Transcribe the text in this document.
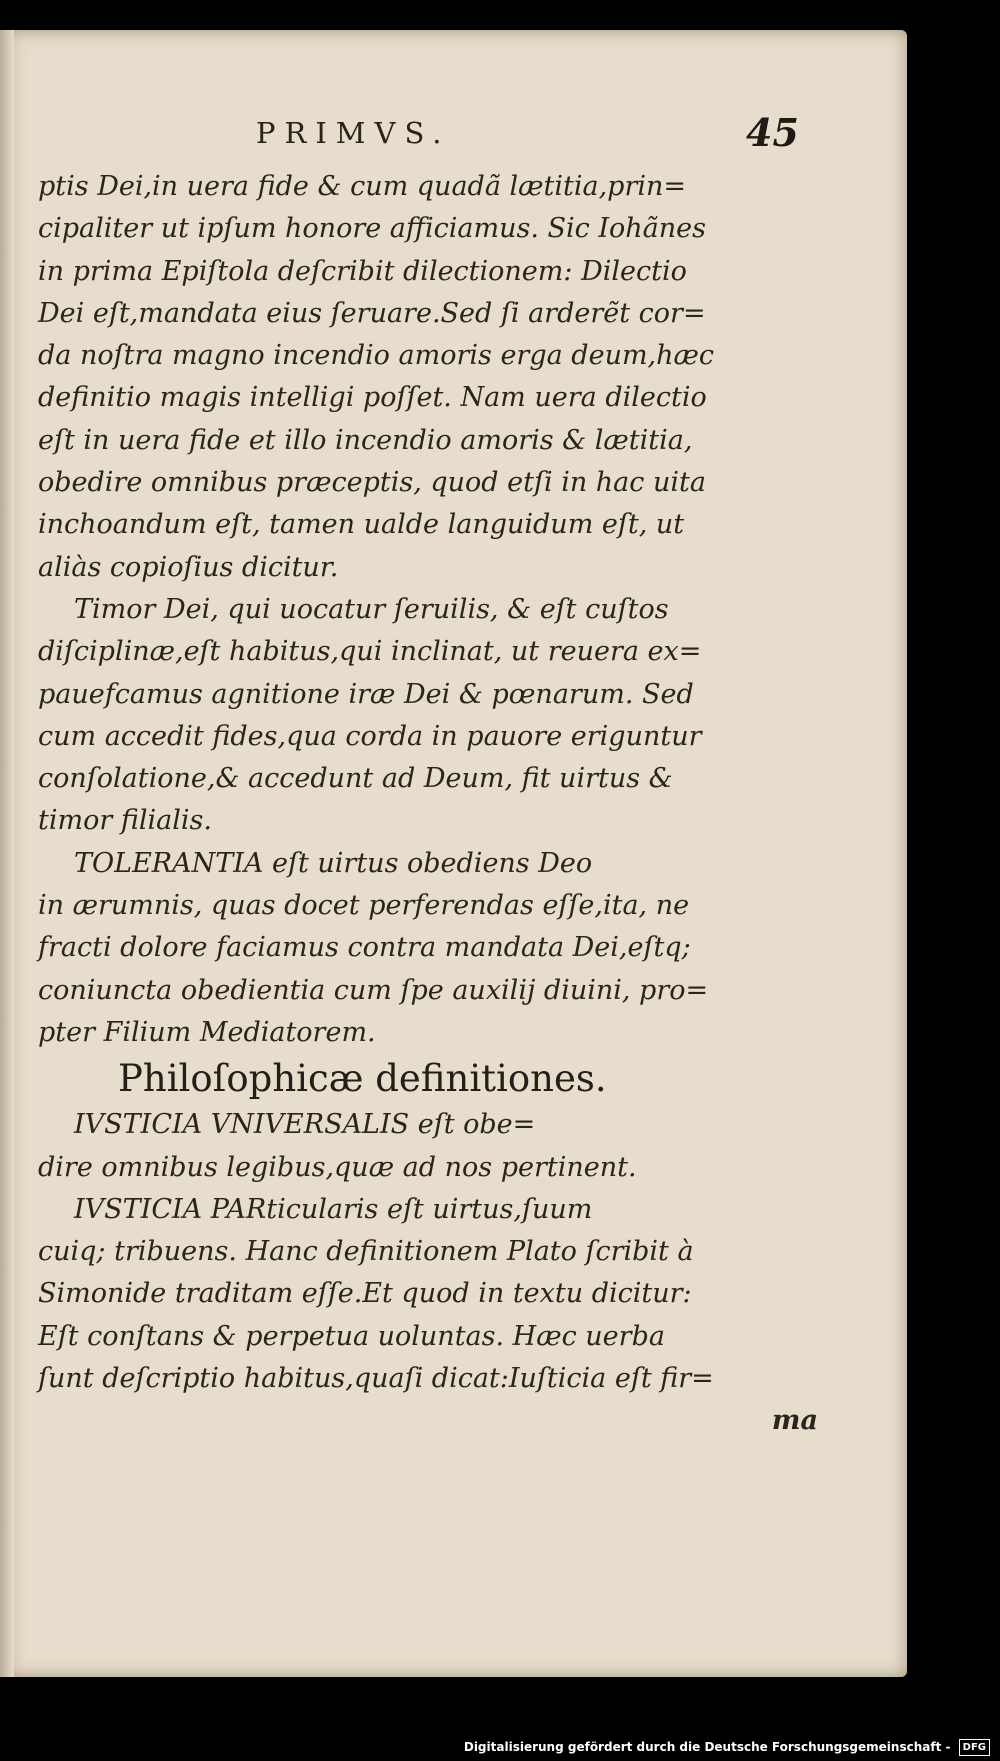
PRIMVS.	45
ptis Dei,in uera fide & cum quadã lætitia,prin=
cipaliter ut ipſum honore afficiamus. Sic Iohãnes
in prima Epiſtola deſcribit dilectionem: Dilectio
Dei eſt,mandata eius ſeruare.Sed ſi arderẽt cor=
da noſtra magno incendio amoris erga deum,hæc
definitio magis intelligi poſſet. Nam uera dilectio
eſt in uera fide et illo incendio amoris & lætitia,
obedire omnibus præceptis, quod etſi in hac uita
inchoandum eſt, tamen ualde languidum eſt, ut
aliàs copioſius dicitur.
Timor Dei, qui uocatur ſeruilis, & eſt cuſtos
diſciplinæ,eſt habitus,qui inclinat, ut reuera ex=
pauefcamus agnitione iræ Dei & pœnarum. Sed
cum accedit fides,qua corda in pauore eriguntur
conſolatione,& accedunt ad Deum, fit uirtus &
timor filialis.
TOLERANTIA eſt uirtus obediens Deo
in ærumnis, quas docet perferendas eſſe,ita, ne
fracti dolore faciamus contra mandata Dei,eſtq;
coniuncta obedientia cum ſpe auxilij diuini, pro=
pter Filium Mediatorem.
Philoſophicæ definitiones.
IVSTICIA VNIVERSALIS eſt obe=
dire omnibus legibus,quæ ad nos pertinent.
IVSTICIA PARticularis eſt uirtus,ſuum
cuiq; tribuens. Hanc definitionem Plato ſcribit à
Simonide traditam eſſe.Et quod in textu dicitur:
Eſt conſtans & perpetua uoluntas. Hæc uerba
ſunt deſcriptio habitus,quaſi dicat:Iuſticia eſt fir=
ma
Digitalisierung gefördert durch die Deutsche Forschungsgemeinschaft - DFG
